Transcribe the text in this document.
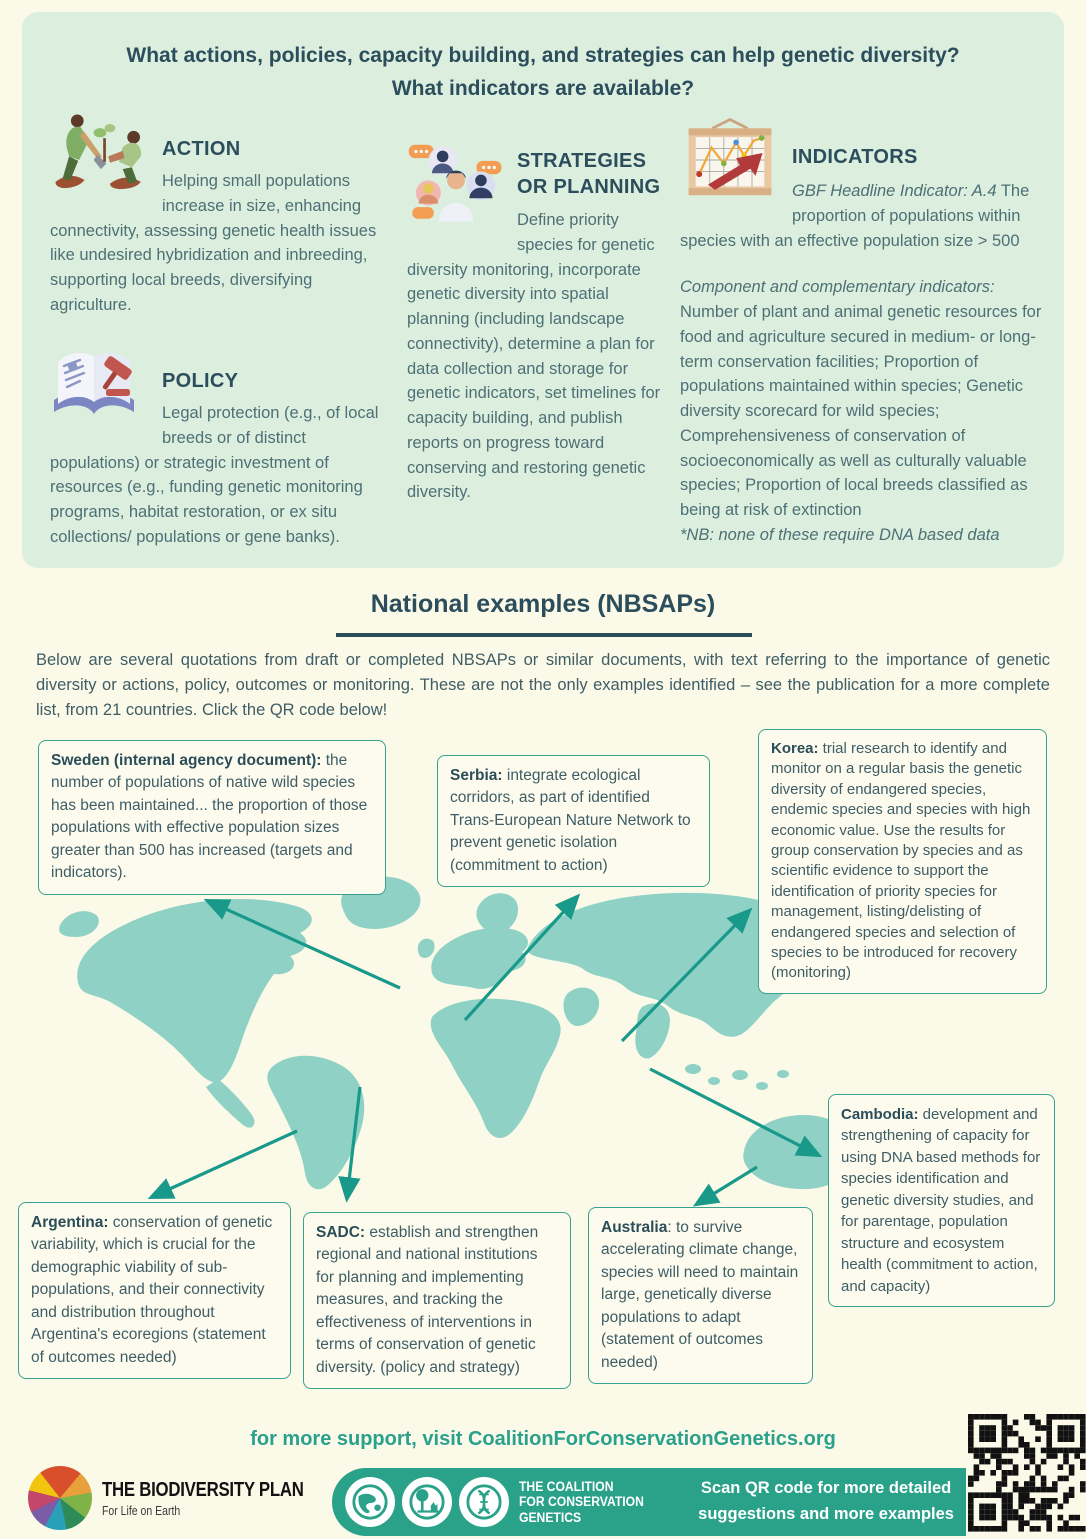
What actions, policies, capacity building, and strategies can help genetic diversity?
What indicators are available?
ACTION

Helping small populations increase in size, enhancing connectivity, assessing genetic health issues like undesired hybridization and inbreeding, supporting local breeds, diversifying agriculture.

POLICY

Legal protection (e.g., of local breeds or of distinct populations) or strategic investment of resources (e.g., funding genetic monitoring programs, habitat restoration, or ex situ collections/ populations or gene banks).

STRATEGIES
OR PLANNING

Define priority species for genetic diversity monitoring, incorporate genetic diversity into spatial planning (including landscape connectivity), determine a plan for data collection and storage for genetic indicators, set timelines for capacity building, and publish reports on progress toward conserving and restoring genetic diversity.

INDICATORS

GBF Headline Indicator: A.4 The proportion of populations within species with an effective population size > 500

Component and complementary indicators: Number of plant and animal genetic resources for food and agriculture secured in medium- or long-term conservation facilities; Proportion of populations maintained within species; Genetic diversity scorecard for wild species; Comprehensiveness of conservation of socioeconomically as well as culturally valuable species; Proportion of local breeds classified as being at risk of extinction
*NB: none of these require DNA based data

National examples (NBSAPs)

Below are several quotations from draft or completed NBSAPs or similar documents, with text referring to the importance of genetic diversity or actions, policy, outcomes or monitoring. These are not the only examples identified – see the publication for a more complete list, from 21 countries. Click the QR code below!

Sweden (internal agency document): the number of populations of native wild species has been maintained... the proportion of those populations with effective population sizes greater than 500 has increased (targets and indicators).
Serbia: integrate ecological corridors, as part of identified Trans-European Nature Network to prevent genetic isolation (commitment to action)
Korea: trial research to identify and monitor on a regular basis the genetic diversity of endangered species, endemic species and species with high economic value. Use the results for group conservation by species and as scientific evidence to support the identification of priority species for management, listing/delisting of endangered species and selection of species to be introduced for recovery (monitoring)
Cambodia: development and strengthening of capacity for using DNA based methods for species identification and genetic diversity studies, and for parentage, population structure and ecosystem health (commitment to action, and capacity)
Argentina: conservation of genetic variability, which is crucial for the demographic viability of sub-populations, and their connectivity and distribution throughout Argentina's ecoregions (statement of outcomes needed)
SADC: establish and strengthen regional and national institutions for planning and implementing measures, and tracking the effectiveness of interventions in terms of conservation of genetic diversity. (policy and strategy)
Australia: to survive accelerating climate change, species will need to maintain large, genetically diverse populations to adapt (statement of outcomes needed)
for more support, visit CoalitionForConservationGenetics.org
THE BIODIVERSITY PLAN
For Life on Earth
THE COALITION
FOR CONSERVATION
GENETICS
Scan QR code for more detailed
suggestions and more examples
